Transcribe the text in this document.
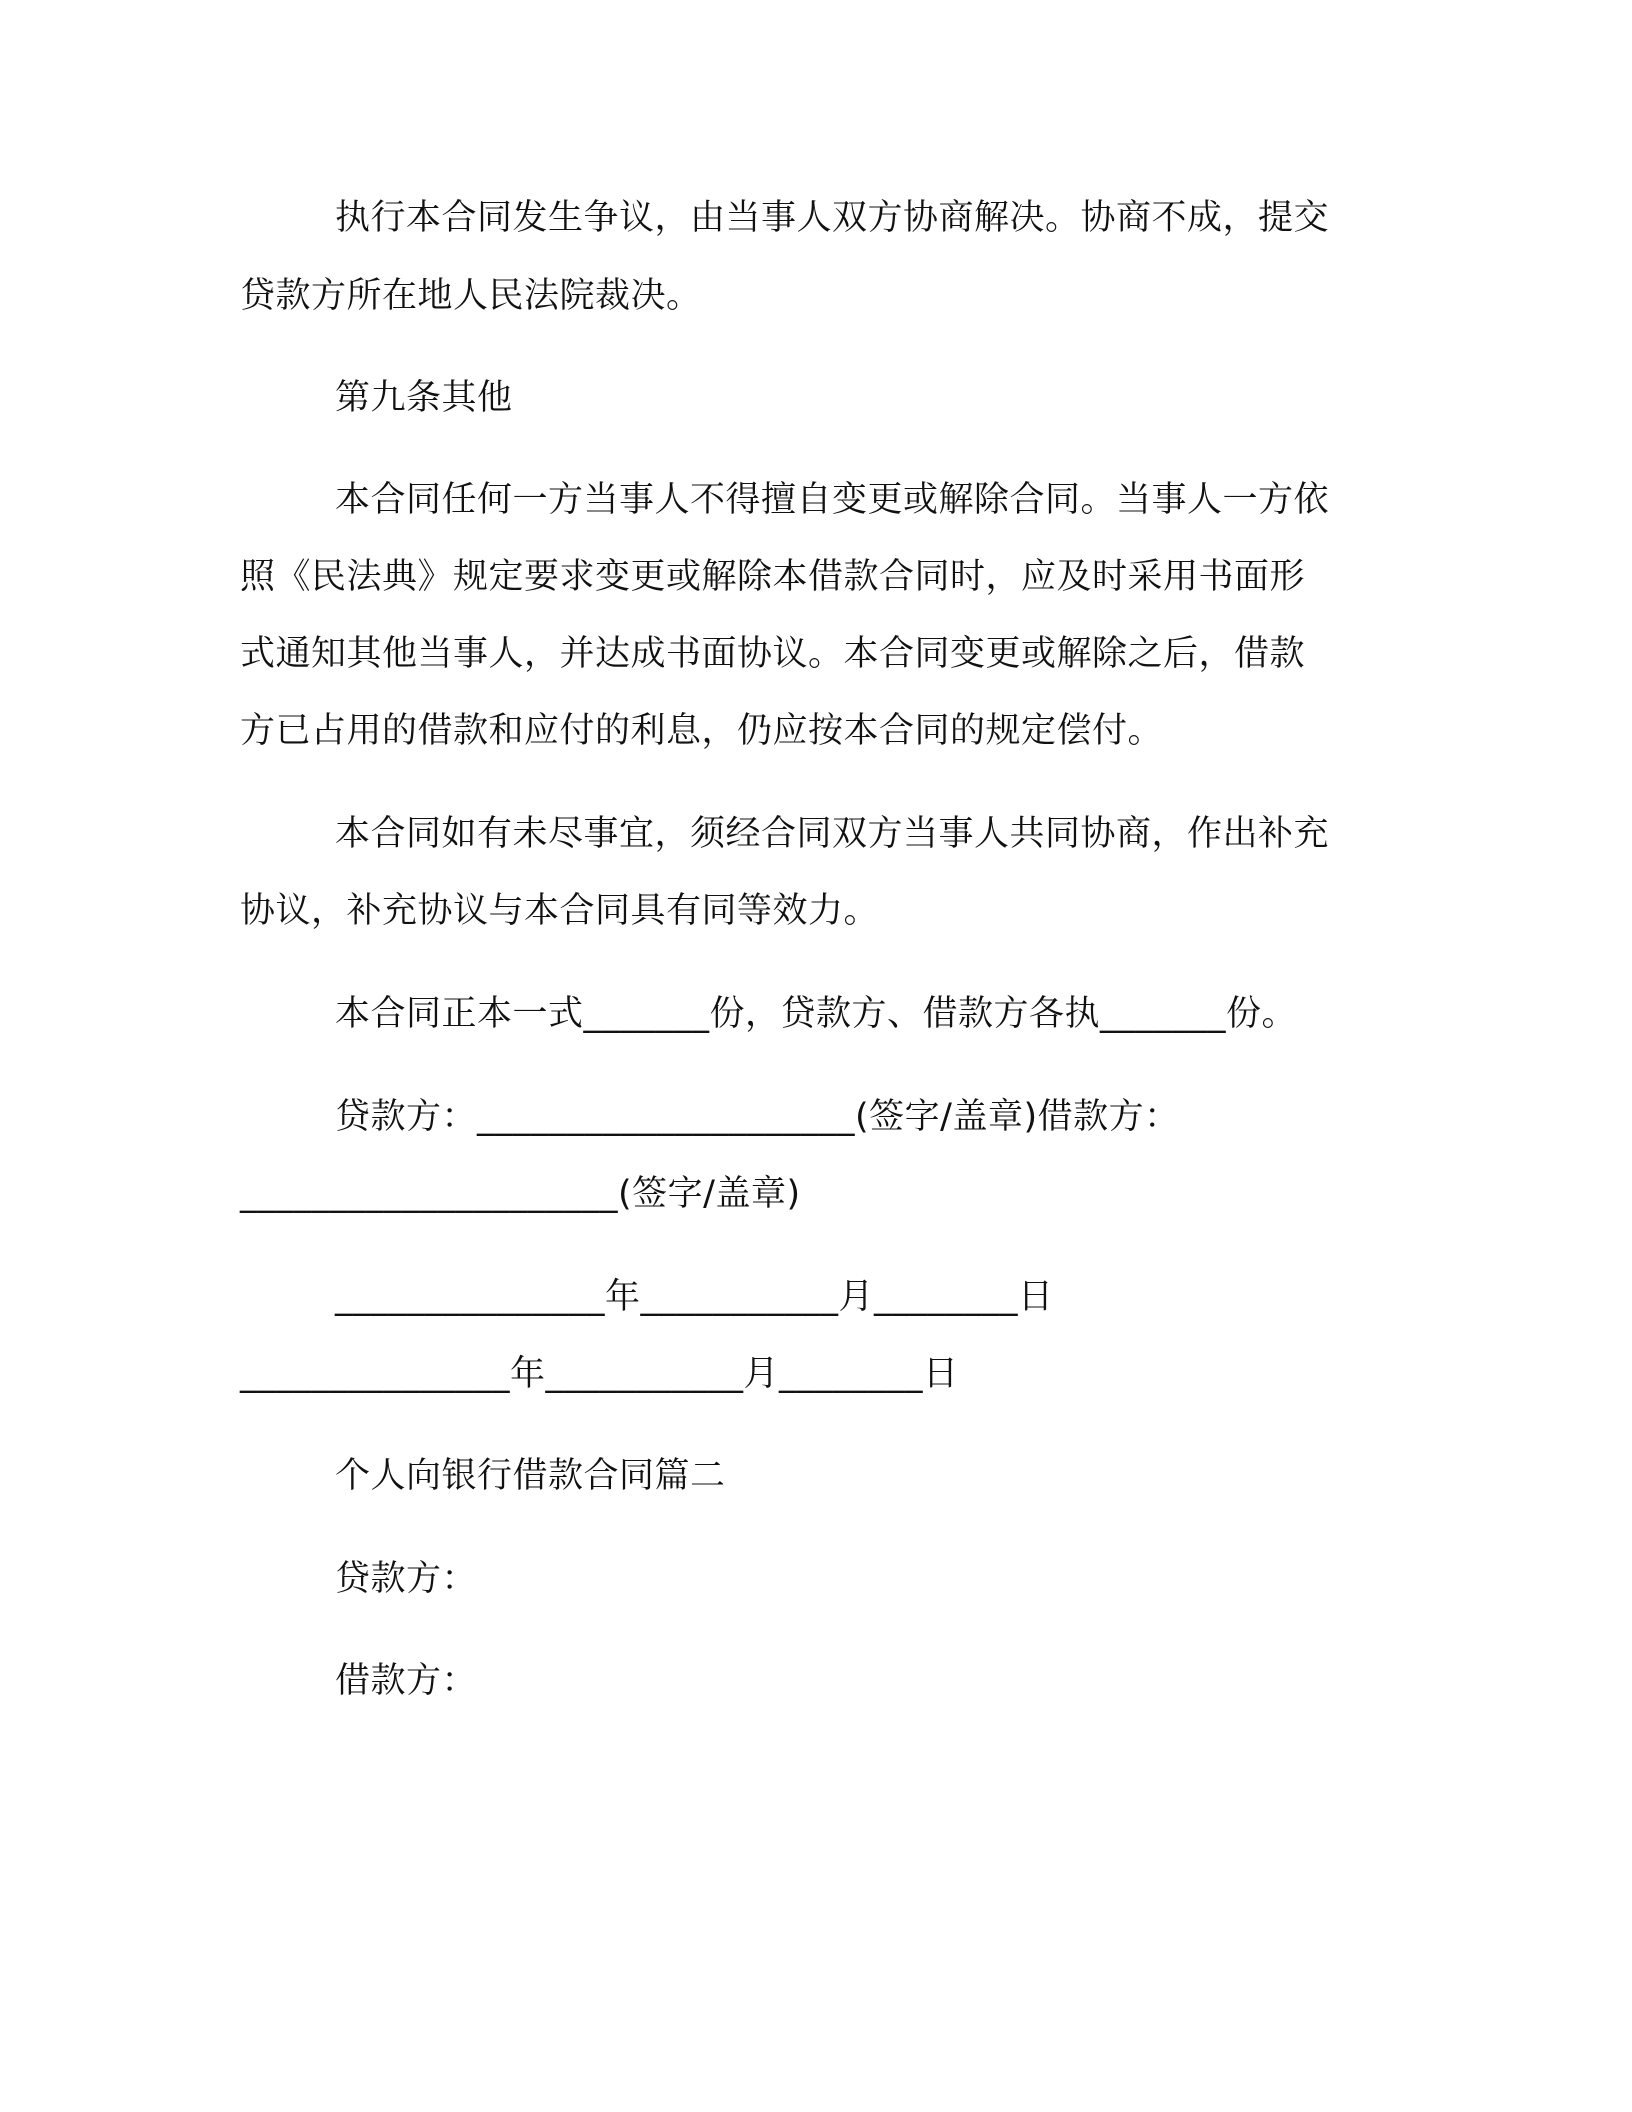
执行本合同发生争议，由当事人双方协商解决。协商不成，提交

贷款方所在地人民法院裁决。

第九条其他

本合同任何一方当事人不得擅自变更或解除合同。当事人一方依

照《民法典》规定要求变更或解除本借款合同时，应及时采用书面形

式通知其他当事人，并达成书面协议。本合同变更或解除之后，借款

方已占用的借款和应付的利息，仍应按本合同的规定偿付。

本合同如有未尽事宜，须经合同双方当事人共同协商，作出补充

协议，补充协议与本合同具有同等效力。

本合同正本一式_______份，贷款方、借款方各执_______份。

贷款方：_____________________(签字/盖章)借款方：

_____________________(签字/盖章)

_______________年___________月________日

_______________年___________月________日

个人向银行借款合同篇二

贷款方：

借款方：
